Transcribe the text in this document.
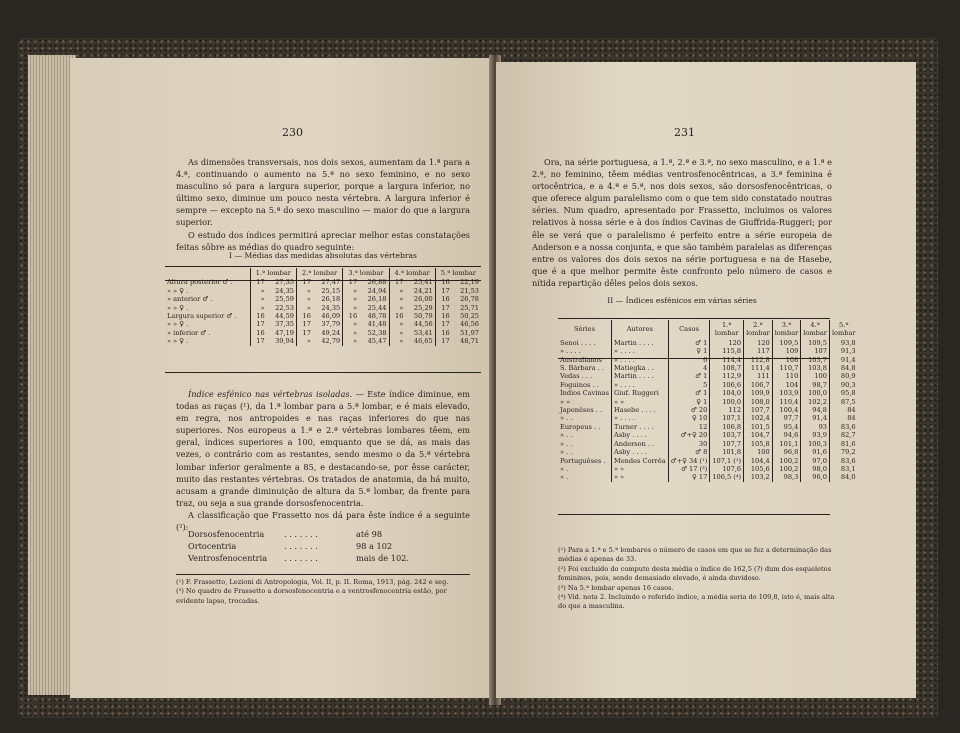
230

As dimensões transversais, nos dois sexos, aumentam da 1.ª para a 4.ª, continuando o aumento na 5.ª no sexo feminino, e no sexo masculino só para a largura superior, porque a largura inferior, no último sexo, diminue um pouco nesta vértebra. A largura inferior é sempre — excepto na 5.ª do sexo masculino — maior do que a largura superior.

O estudo dos índices permitirá apreciar melhor estas constatações feitas sôbre as médias do quadro seguinte:

I — Médias das medidas absolutas das vértebras
	1.ª lombar		2.ª lombar		3.ª lombar		4.ª lombar		5.ª lombar	
Altura posterior ♂ .	17	27,35	17	27,47	17	26,88	17	25,41	16	22,19
» » ♀ .	»	24,35	»	25,15	»	24,94	»	24,21	17	21,53
» anterior ♂ .	»	25,59	»	26,18	»	26,18	»	26,00	16	26,78
» » ♀ .	»	22,53	»	24,35	»	25,44	»	25,29	17	25,71
Largura superior ♂ .	16	44,59	16	46,09	16	48,78	16	50,79	16	50,25
» » ♀ .	17	37,35	17	37,79	»	41,48	»	44,56	17	46,56
» inferior ♂ .	16	47,19	17	49,24	»	52,38	»	53,41	16	51,97
» » ♀ .	17	39,94	»	42,79	»	45,47	»	46,65	17	48,71

Índice esfénico nas vértebras isoladas. — Este índice diminue, em todas as raças (¹), da 1.ª lombar para a 5.ª lombar, e é mais elevado, em regra, nos antropoides e nas raças inferiores do que nas superiores. Nos europeus a 1.ª e 2.ª vértebras lombares têem, em geral, índices superiores a 100, emquanto que se dá, as mais das vezes, o contrário com as restantes, sendo mesmo o da 5.ª vértebra lombar inferior geralmente a 85, e destacando-se, por êsse carácter, muito das restantes vértebras. Os tratados de anatomia, da há muito, acusam a grande diminuição de altura da 5.ª lombar, da frente para traz, ou seja a sua grande dorsosfenocentria.

A classificação que Frassetto nos dá para êste índice é a seguinte (²):

Dorsosfenocentria	. . . . . . .	até 98
Ortocentria	. . . . . . .	98 a 102
Ventrosfenocentria	. . . . . . .	mais de 102.
(¹) F. Frassetto, Lezioni di Antropologia, Vol. II, p. II. Roma, 1913, pág. 242 e seg.
(²) No quadro de Frassetto a dorsosfenocentria e a ventrosfenocentria estão, por evidente lapso, trocadas.
231

Ora, na série portuguesa, a 1.ª, 2.ª e 3.ª, no sexo masculino, e a 1.ª e 2.ª, no feminino, têem médias ventrosfenocêntricas, a 3.ª feminina é ortocêntrica, e a 4.ª e 5.ª, nos dois sexos, são dorsosfenocêntricas, o que oferece algum paralelismo com o que tem sido constatado noutras séries. Num quadro, apresentado por Frassetto, incluimos os valores relativos à nossa série e à dos índios Cavinas de Giuffrida-Ruggeri; por êle se verá que o paralelismo é perfeito entre a série europeia de Anderson e a nossa conjunta, e que são também paralelas as diferenças entre os valores dos dois sexos na série portuguesa e na de Hasebe, que é a que melhor permite êste confronto pelo número de casos e nítida repartição dêles pelos dois sexos.

II — Índices esfénicos em várias séries
Séries	Autores	Casos	1.ª lombar	2.ª lombar	3.ª lombar	4.ª lombar	5.ª lombar
Senoi . . . .	Martin . . . .	♂ 1	120	120	109,5	109,5	93,8
» . . . .	» . . . .	♀ 1	115,8	117	109	107	91,3
Australianos	» . . . .	6	114,4	112,8	108	103,7	91,4
S. Bárbara . .	Matiegka . .	4	108,7	111,4	110,7	103,8	84,8
Vedas . . .	Martin . . . .	♂ 1	112,9	111	110	100	80,9
Foguinos . .	» . . . .	5	106,6	106,7	104	98,7	90,3
Índios Cavinas	Giuf. Ruggeri	♂ 1	104,0	109,9	103,9	100,0	95,8
» »	» »	♀ 1	100,0	108,0	110,4	102,2	87,5
Japonêses . .	Hasebe . . . .	♂ 20	112	107,7	100,4	94,8	84
» . .	» . . . .	♀ 10	107,1	102,4	97,7	91,4	84
Europeus . .	Turner . . . .	12	106,8	101,5	95,4	93	83,6
» . .	Asby . . . .	♂+♀ 20	103,7	104,7	94,6	93,9	82,7
» . .	Anderson . .	30	107,7	105,8	101,1	100,3	81,6
» . .	Asby . . . .	♂ 8	101,8	100	96,8	91,6	79,2
Portuguêses .	Mendes Corrêa	♂+♀ 34 (¹)	107,1 (¹)	104,4	100,2	97,0	83,6
» .	» »	♂ 17 (³)	107,6	105,6	100,2	98,0	83,1
» .	» »	♀ 17	106,5 (⁴)	103,2	98,3	96,0	84,0
(¹) Para a 1.ª e 5.ª lombares o número de casos em que se fez a determinação das médias é apenas de 33.
(²) Foi excluido do computo desta média o índice de 162,5 (?) dum dos esqueletos femininos, pois, sendo demasiado elevado, é ainda duvidoso.
(³) Na 5.ª lombar apenas 16 casos.
(⁴) Vid. nota 2. Incluindo o referido índice, a média seria de 109,8, isto é, mais alta do que a masculina.
